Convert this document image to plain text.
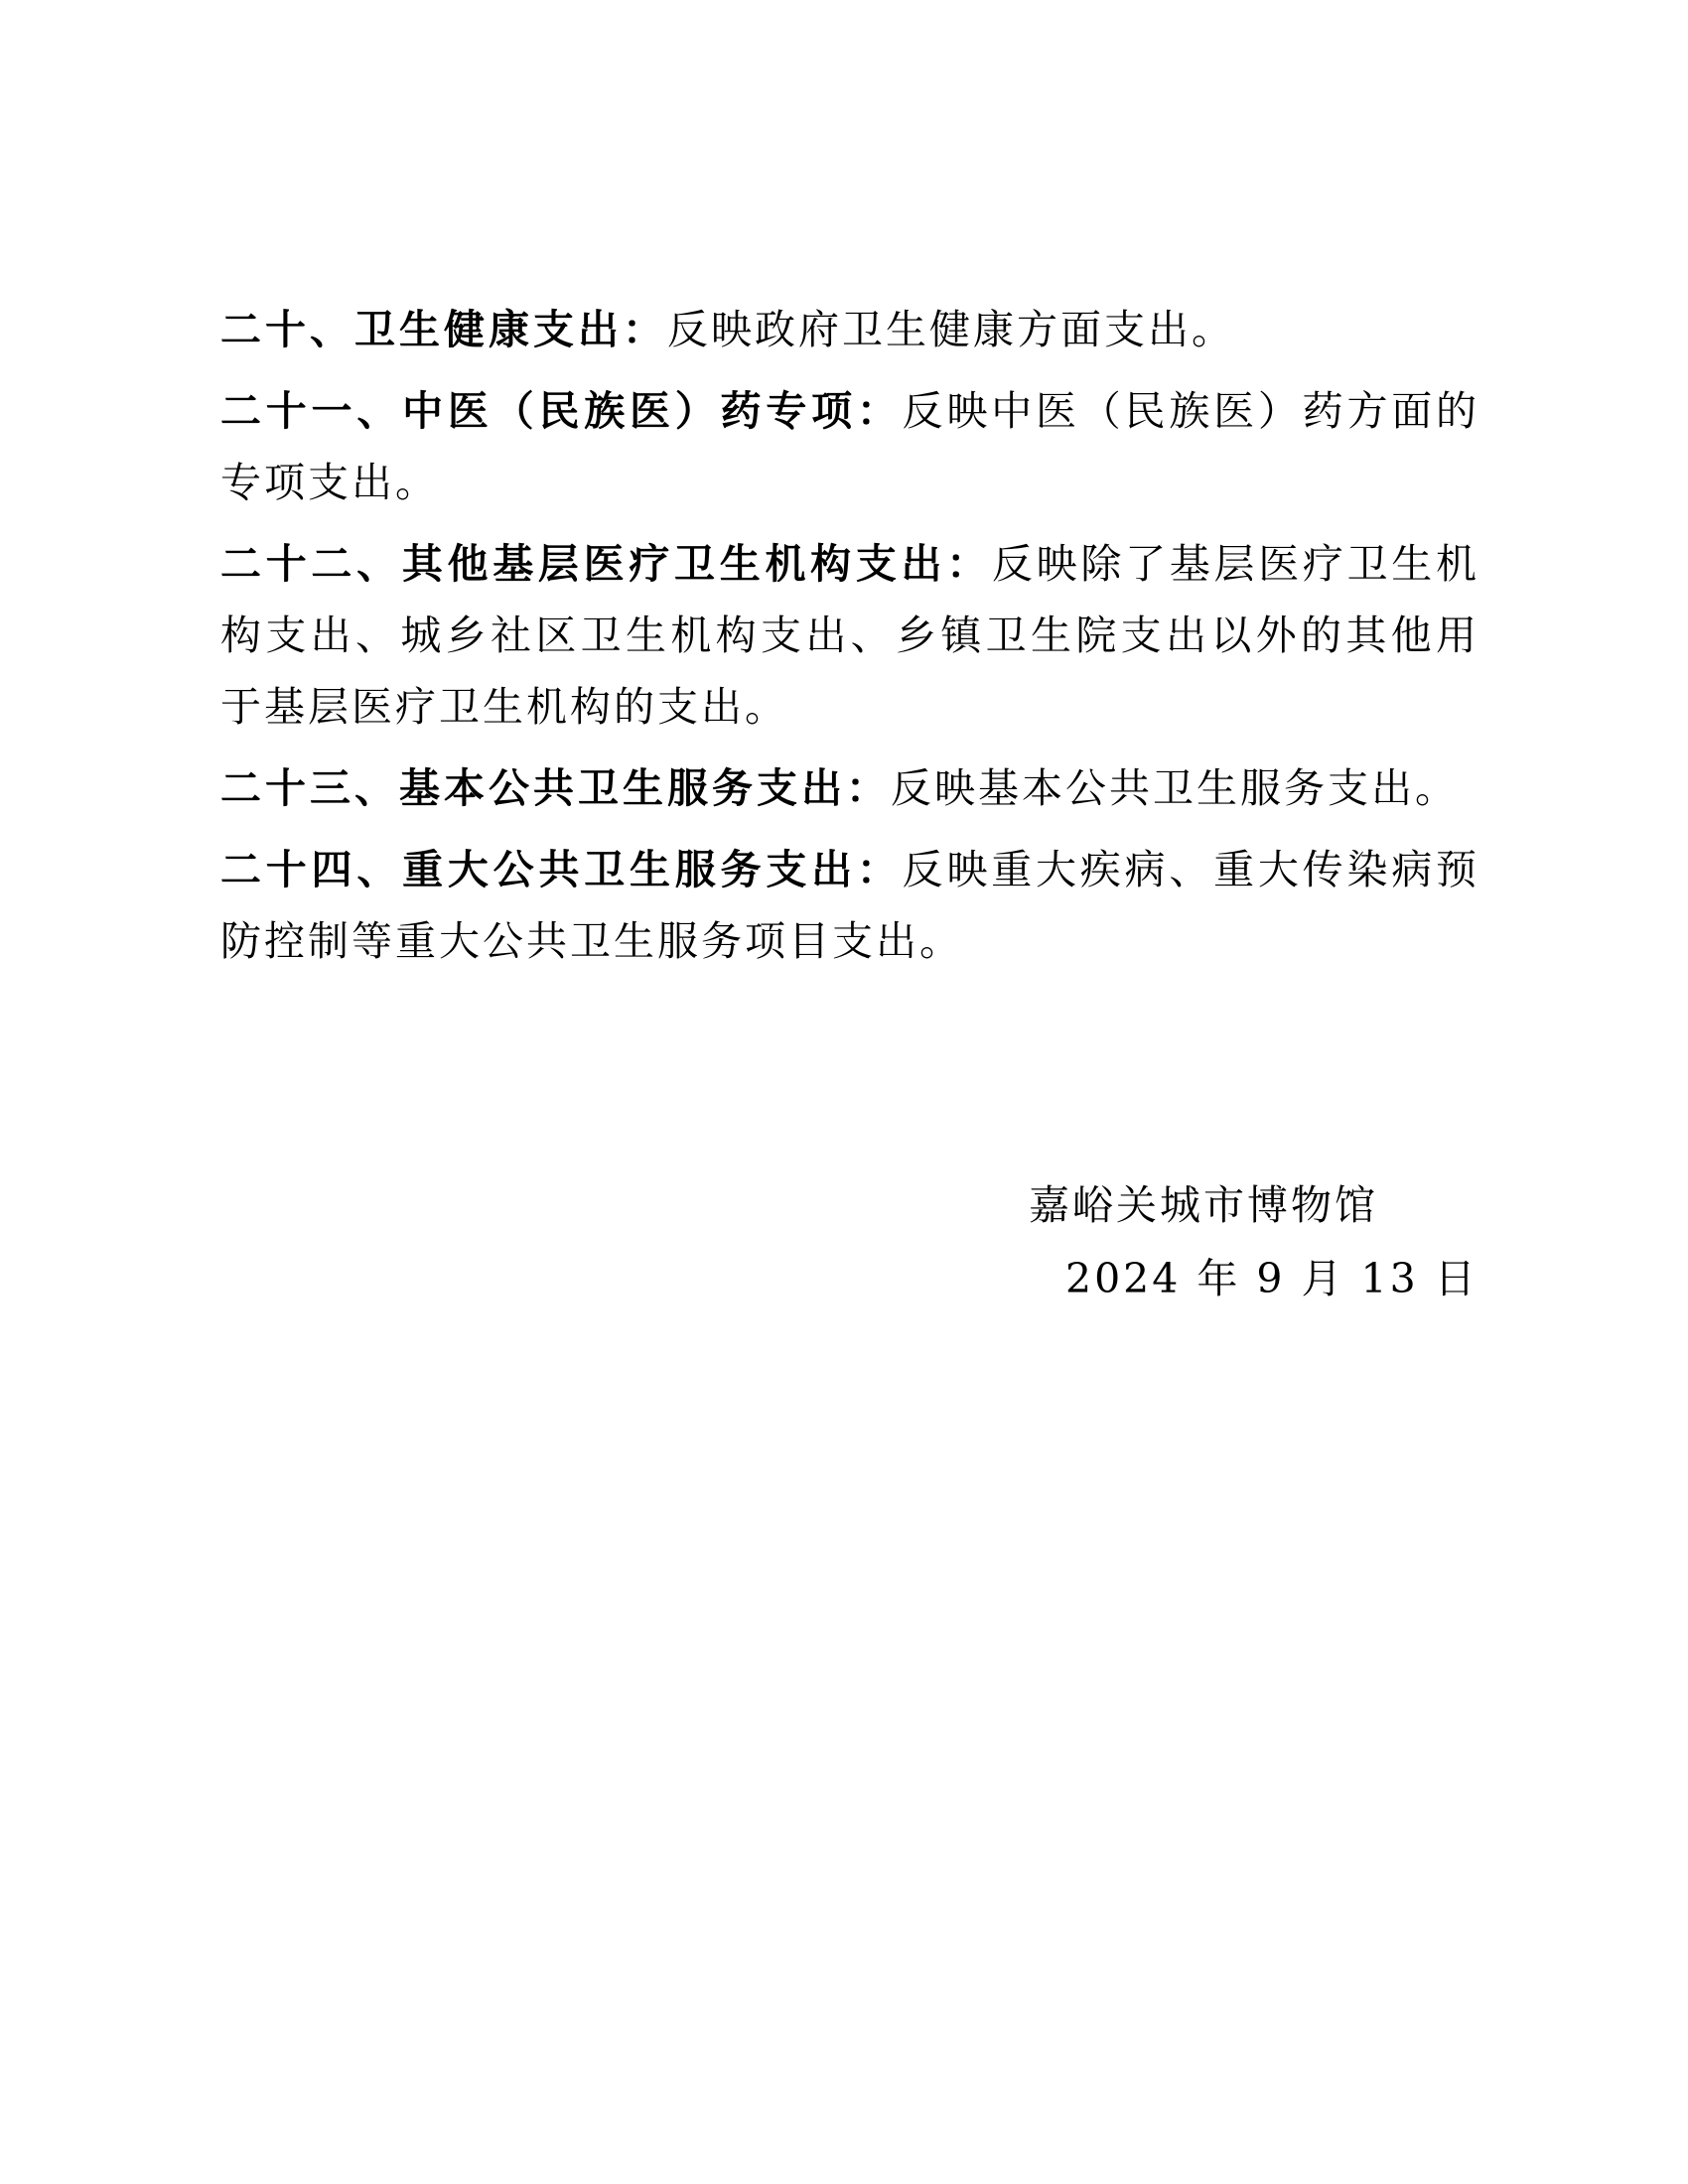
二十、卫生健康支出：反映政府卫生健康方面支出。

二十一、中医（民族医）药专项：反映中医（民族医）药方面的专项支出。

二十二、其他基层医疗卫生机构支出：反映除了基层医疗卫生机构支出、城乡社区卫生机构支出、乡镇卫生院支出以外的其他用于基层医疗卫生机构的支出。

二十三、基本公共卫生服务支出：反映基本公共卫生服务支出。

二十四、重大公共卫生服务支出：反映重大疾病、重大传染病预防控制等重大公共卫生服务项目支出。

嘉峪关城市博物馆
2024 年 9 月 13 日
